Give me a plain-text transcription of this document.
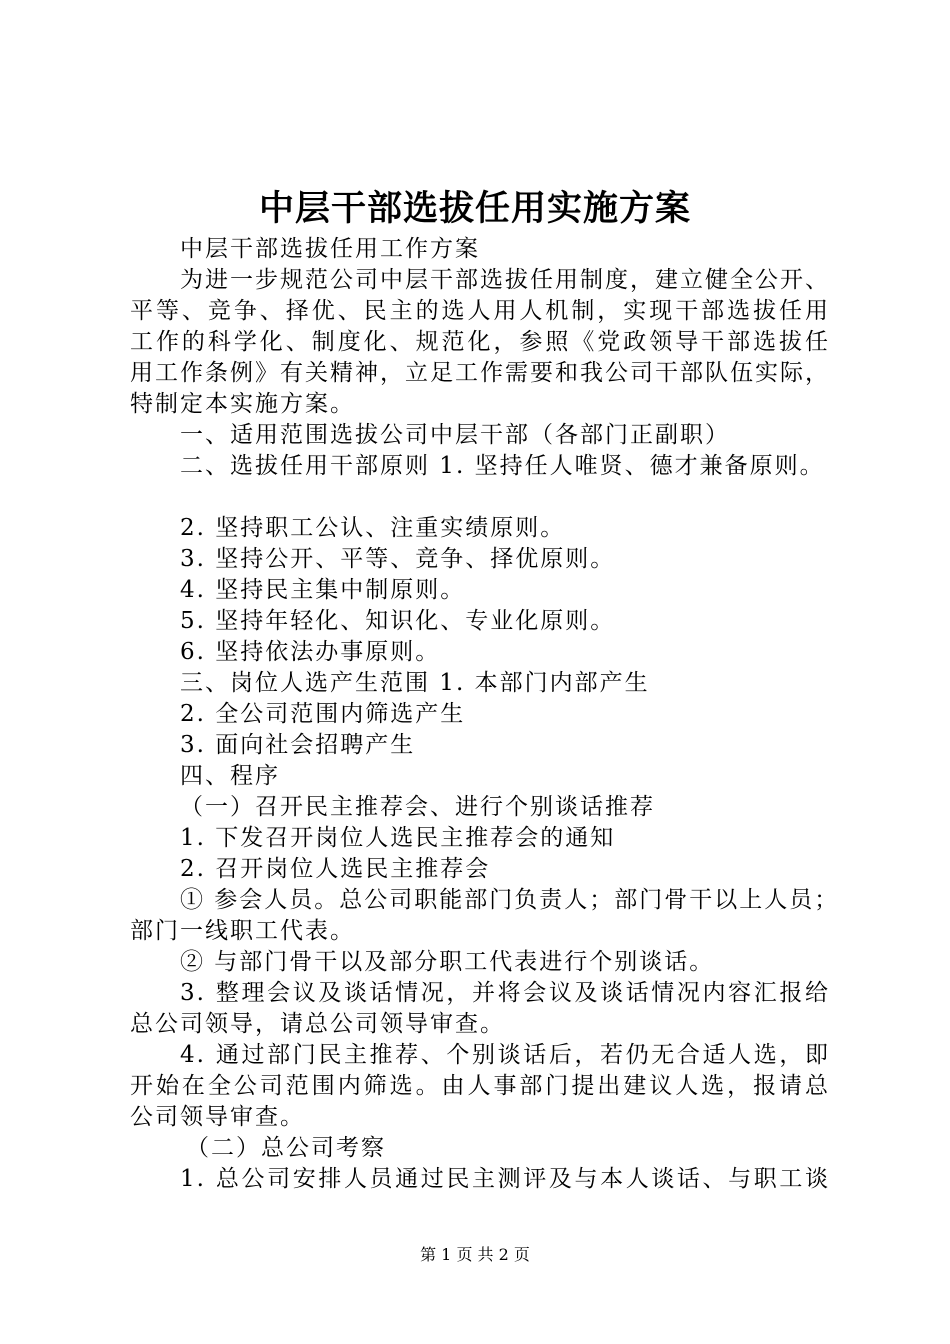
中层干部选拔任用实施方案

中层干部选拔任用工作方案

为进一步规范公司中层干部选拔任用制度，建立健全公开、

平等、竞争、择优、民主的选人用人机制，实现干部选拔任用

工作的科学化、制度化、规范化，参照《党政领导干部选拔任

用工作条例》有关精神，立足工作需要和我公司干部队伍实际，

特制定本实施方案。

一、适用范围选拔公司中层干部（各部门正副职）

二、选拔任用干部原则 1. 坚持任人唯贤、德才兼备原则。

2. 坚持职工公认、注重实绩原则。

3. 坚持公开、平等、竞争、择优原则。

4. 坚持民主集中制原则。

5. 坚持年轻化、知识化、专业化原则。

6. 坚持依法办事原则。

三、岗位人选产生范围 1. 本部门内部产生

2. 全公司范围内筛选产生

3. 面向社会招聘产生

四、程序

（一）召开民主推荐会、进行个别谈话推荐

1. 下发召开岗位人选民主推荐会的通知

2. 召开岗位人选民主推荐会

① 参会人员。总公司职能部门负责人；部门骨干以上人员；

部门一线职工代表。

② 与部门骨干以及部分职工代表进行个别谈话。

3. 整理会议及谈话情况，并将会议及谈话情况内容汇报给

总公司领导，请总公司领导审查。

4. 通过部门民主推荐、个别谈话后，若仍无合适人选，即

开始在全公司范围内筛选。由人事部门提出建议人选，报请总

公司领导审查。

（二）总公司考察

1. 总公司安排人员通过民主测评及与本人谈话、与职工谈

第 1 页 共 2 页
